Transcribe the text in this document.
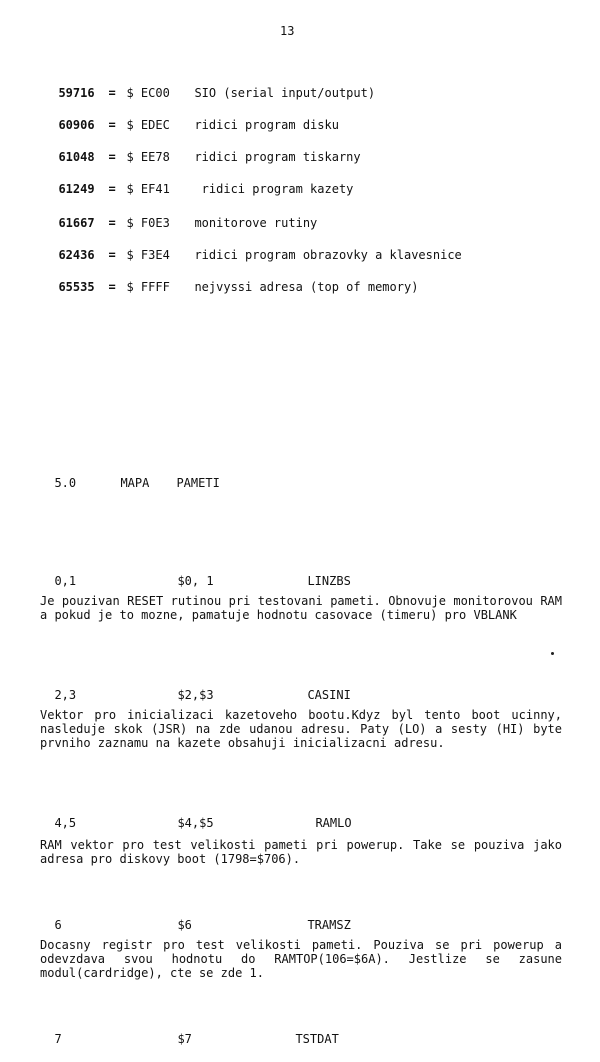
13

59716 = $ EC00 SIO (serial input/output)

60906 = $ EDEC ridici program disku

61048 = $ EE78 ridici program tiskarny

61249 = $ EF41 ridici program kazety

61667 = $ F0E3 monitorove rutiny

62436 = $ F3E4 ridici program obrazovky a klavesnice

65535 = $ FFFF nejvyssi adresa (top of memory)

5.0	MAPA PAMETI

0,1	$0, 1	LINZBS

Je pouzivan RESET rutinou pri testovani pameti. Obnovuje monitorovou RAM a pokud je to mozne, pamatuje hodnotu casovace (timeru) pro VBLANK

2,3	$2,$3	CASINI

Vektor pro inicializaci kazetoveho bootu.Kdyz byl tento boot ucinny, nasleduje skok (JSR) na zde udanou adresu. Paty (LO) a sesty (HI) byte prvniho zaznamu na kazete obsahuji inicializacni adresu.

4,5	$4,$5	RAMLO

RAM vektor pro test velikosti pameti pri powerup. Take se pouziva jako adresa pro diskovy boot (1798=$706).

6	$6	TRAMSZ

Docasny registr pro test velikosti pameti. Pouziva se pri powerup a odevzdava svou hodnotu do RAMTOP(106=$6A). Jestlize se zasune modul(cardridge), cte se zde 1.

7	$7	TSTDAT
